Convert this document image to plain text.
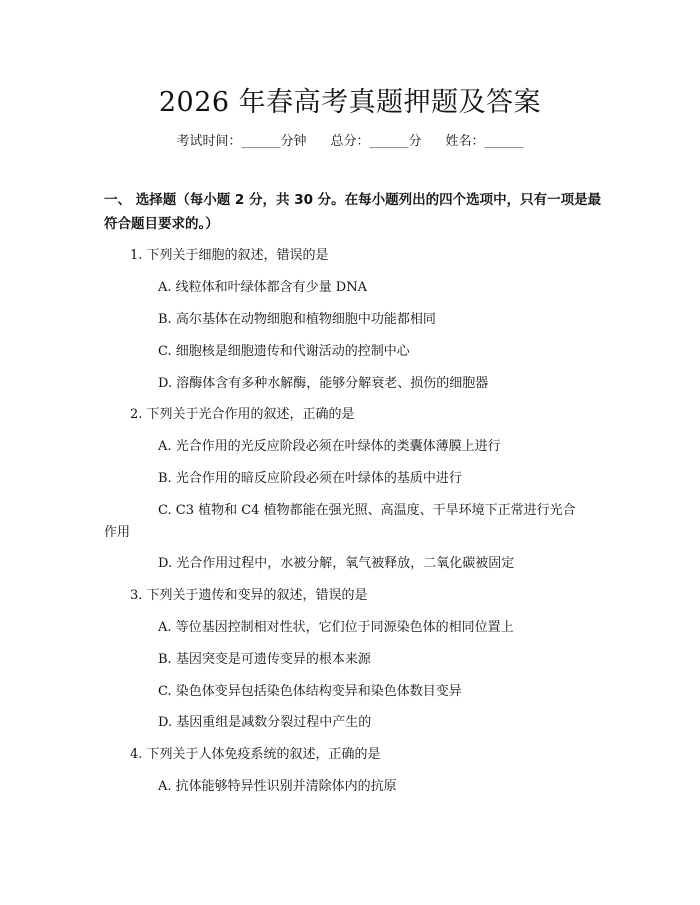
2026 年春高考真题押题及答案
考试时间：______分钟 总分：______分 姓名：______
一、 选择题（每小题 2 分，共 30 分。在每小题列出的四个选项中，只有一项是最符合题目要求的。）
1. 下列关于细胞的叙述，错误的是
A. 线粒体和叶绿体都含有少量 DNA
B. 高尔基体在动物细胞和植物细胞中功能都相同
C. 细胞核是细胞遗传和代谢活动的控制中心
D. 溶酶体含有多种水解酶，能够分解衰老、损伤的细胞器
2. 下列关于光合作用的叙述，正确的是
A. 光合作用的光反应阶段必须在叶绿体的类囊体薄膜上进行
B. 光合作用的暗反应阶段必须在叶绿体的基质中进行
C. C3 植物和 C4 植物都能在强光照、高温度、干旱环境下正常进行光合
作用
D. 光合作用过程中，水被分解，氧气被释放，二氧化碳被固定
3. 下列关于遗传和变异的叙述，错误的是
A. 等位基因控制相对性状，它们位于同源染色体的相同位置上
B. 基因突变是可遗传变异的根本来源
C. 染色体变异包括染色体结构变异和染色体数目变异
D. 基因重组是减数分裂过程中产生的
4. 下列关于人体免疫系统的叙述，正确的是
A. 抗体能够特异性识别并清除体内的抗原
